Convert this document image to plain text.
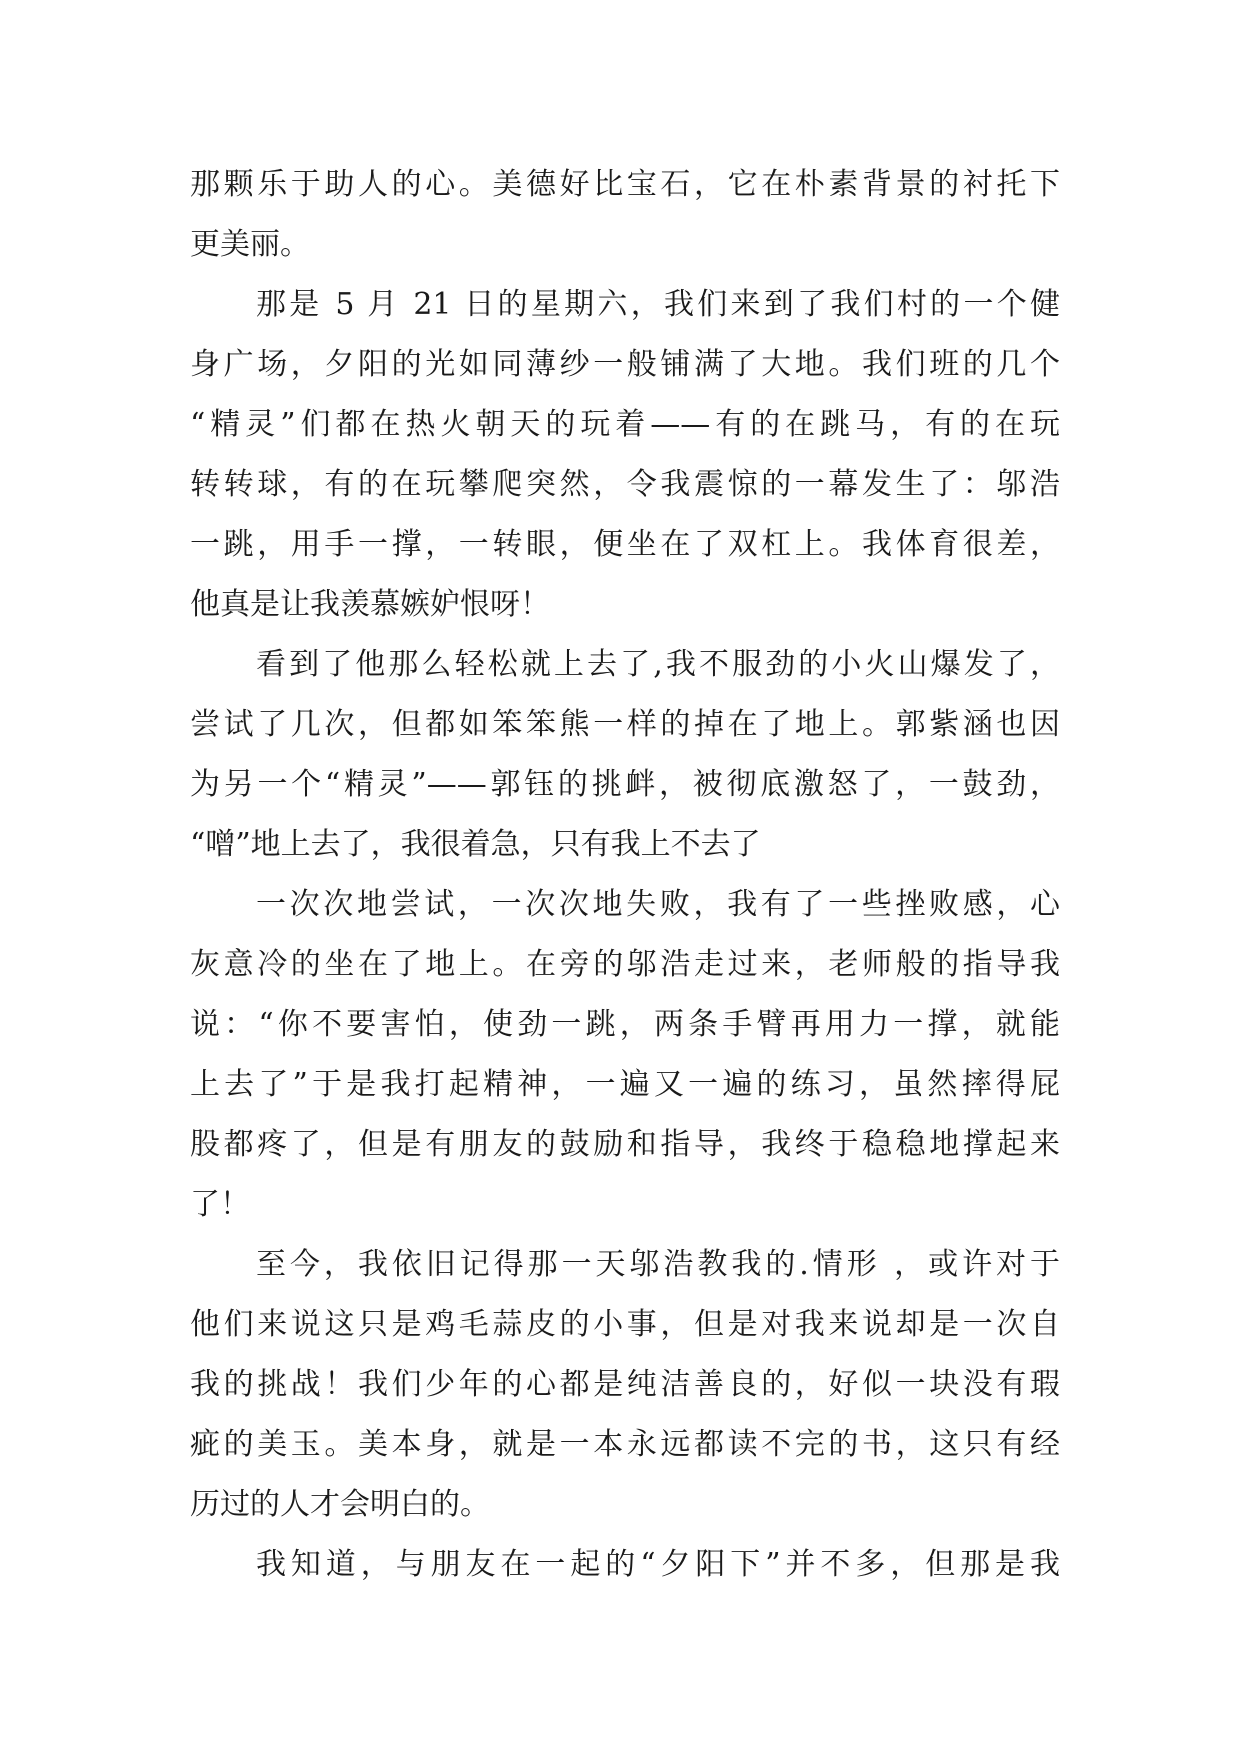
那颗乐于助人的心。美德好比宝石，它在朴素背景的衬托下
更美丽。
那是 5 月 21 日的星期六，我们来到了我们村的一个健
身广场，夕阳的光如同薄纱一般铺满了大地。我们班的几个
“精灵”们都在热火朝天的玩着——有的在跳马，有的在玩
转转球，有的在玩攀爬突然，令我震惊的一幕发生了：邬浩
一跳，用手一撑，一转眼，便坐在了双杠上。我体育很差，
他真是让我羡慕嫉妒恨呀！
看到了他那么轻松就上去了,我不服劲的小火山爆发了，
尝试了几次，但都如笨笨熊一样的掉在了地上。郭紫涵也因
为另一个“精灵”——郭钰的挑衅，被彻底激怒了，一鼓劲，
“噌”地上去了，我很着急，只有我上不去了
一次次地尝试，一次次地失败，我有了一些挫败感，心
灰意冷的坐在了地上。在旁的邬浩走过来，老师般的指导我
说：“你不要害怕，使劲一跳，两条手臂再用力一撑，就能
上去了”于是我打起精神，一遍又一遍的练习，虽然摔得屁
股都疼了，但是有朋友的鼓励和指导，我终于稳稳地撑起来
了！
至今，我依旧记得那一天邬浩教我的.情形 ，或许对于
他们来说这只是鸡毛蒜皮的小事，但是对我来说却是一次自
我的挑战！我们少年的心都是纯洁善良的，好似一块没有瑕
疵的美玉。美本身，就是一本永远都读不完的书，这只有经
历过的人才会明白的。
我知道，与朋友在一起的“夕阳下”并不多，但那是我
